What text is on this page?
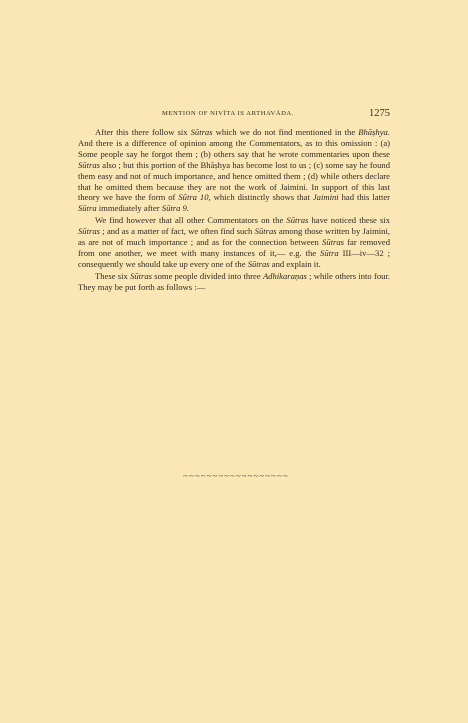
MENTION OF NIVĪTA IS ARTHAVĀDA.	1275

After this there follow six Sūtras which we do not find mentioned in the Bhāṣhya. And there is a difference of opinion among the Commentators, as to this omission : (a) Some people say he forgot them ; (b) others say that he wrote commentaries upon these Sūtras also ; but this portion of the Bhāṣhya has become lost to us ; (c) some say he found them easy and not of much importance, and hence omitted them ; (d) while others declare that he omitted them because they are not the work of Jaimini. In support of this last theory we have the form of Sūtra 10, which distinctly shows that Jaimini had this latter Sūtra immediately after Sūtra 9.

We find however that all other Commentators on the Sūtras have noticed these six Sūtras ; and as a matter of fact, we often find such Sūtras among those written by Jaimini, as are not of much importance ; and as for the connection between Sūtras far removed from one another, we meet with many instances of it,— e.g. the Sūtra III—iv—32 ; consequently we should take up every one of the Sūtras and explain it.

These six Sūtras some people divided into three Adhikaraṇas ; while others into four. They may be put forth as follows :—

~~~~~~~~~~~~~~~~~~
